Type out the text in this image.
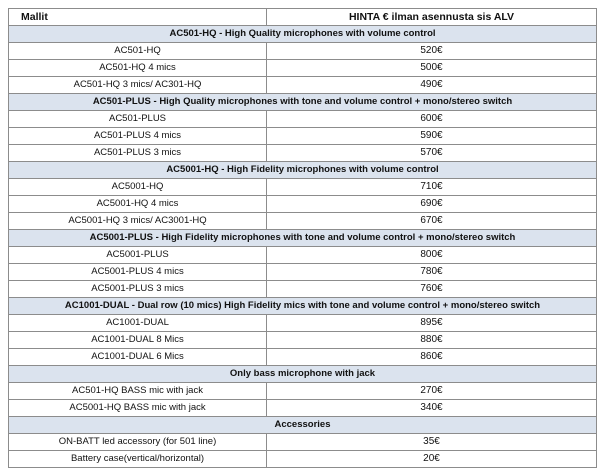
Mallit	HINTA € ilman asennusta sis ALV
AC501-HQ - High Quality microphones with volume control	
AC501-HQ	520€
AC501-HQ 4 mics	500€
AC501-HQ 3 mics/ AC301-HQ	490€
AC501-PLUS - High Quality microphones with tone and volume control + mono/stereo switch	
AC501-PLUS	600€
AC501-PLUS 4 mics	590€
AC501-PLUS 3 mics	570€
AC5001-HQ - High Fidelity microphones with volume control	
AC5001-HQ	710€
AC5001-HQ 4 mics	690€
AC5001-HQ 3 mics/ AC3001-HQ	670€
AC5001-PLUS - High Fidelity microphones with tone and volume control + mono/stereo switch	
AC5001-PLUS	800€
AC5001-PLUS 4 mics	780€
AC5001-PLUS 3 mics	760€
AC1001-DUAL - Dual row (10 mics) High Fidelity mics with tone and volume control + mono/stereo switch	
AC1001-DUAL	895€
AC1001-DUAL 8 Mics	880€
AC1001-DUAL 6 Mics	860€
Only bass microphone with jack	
AC501-HQ BASS mic with jack	270€
AC5001-HQ BASS mic with jack	340€
Accessories	
ON-BATT led accessory (for 501 line)	35€
Battery case(vertical/horizontal)	20€
